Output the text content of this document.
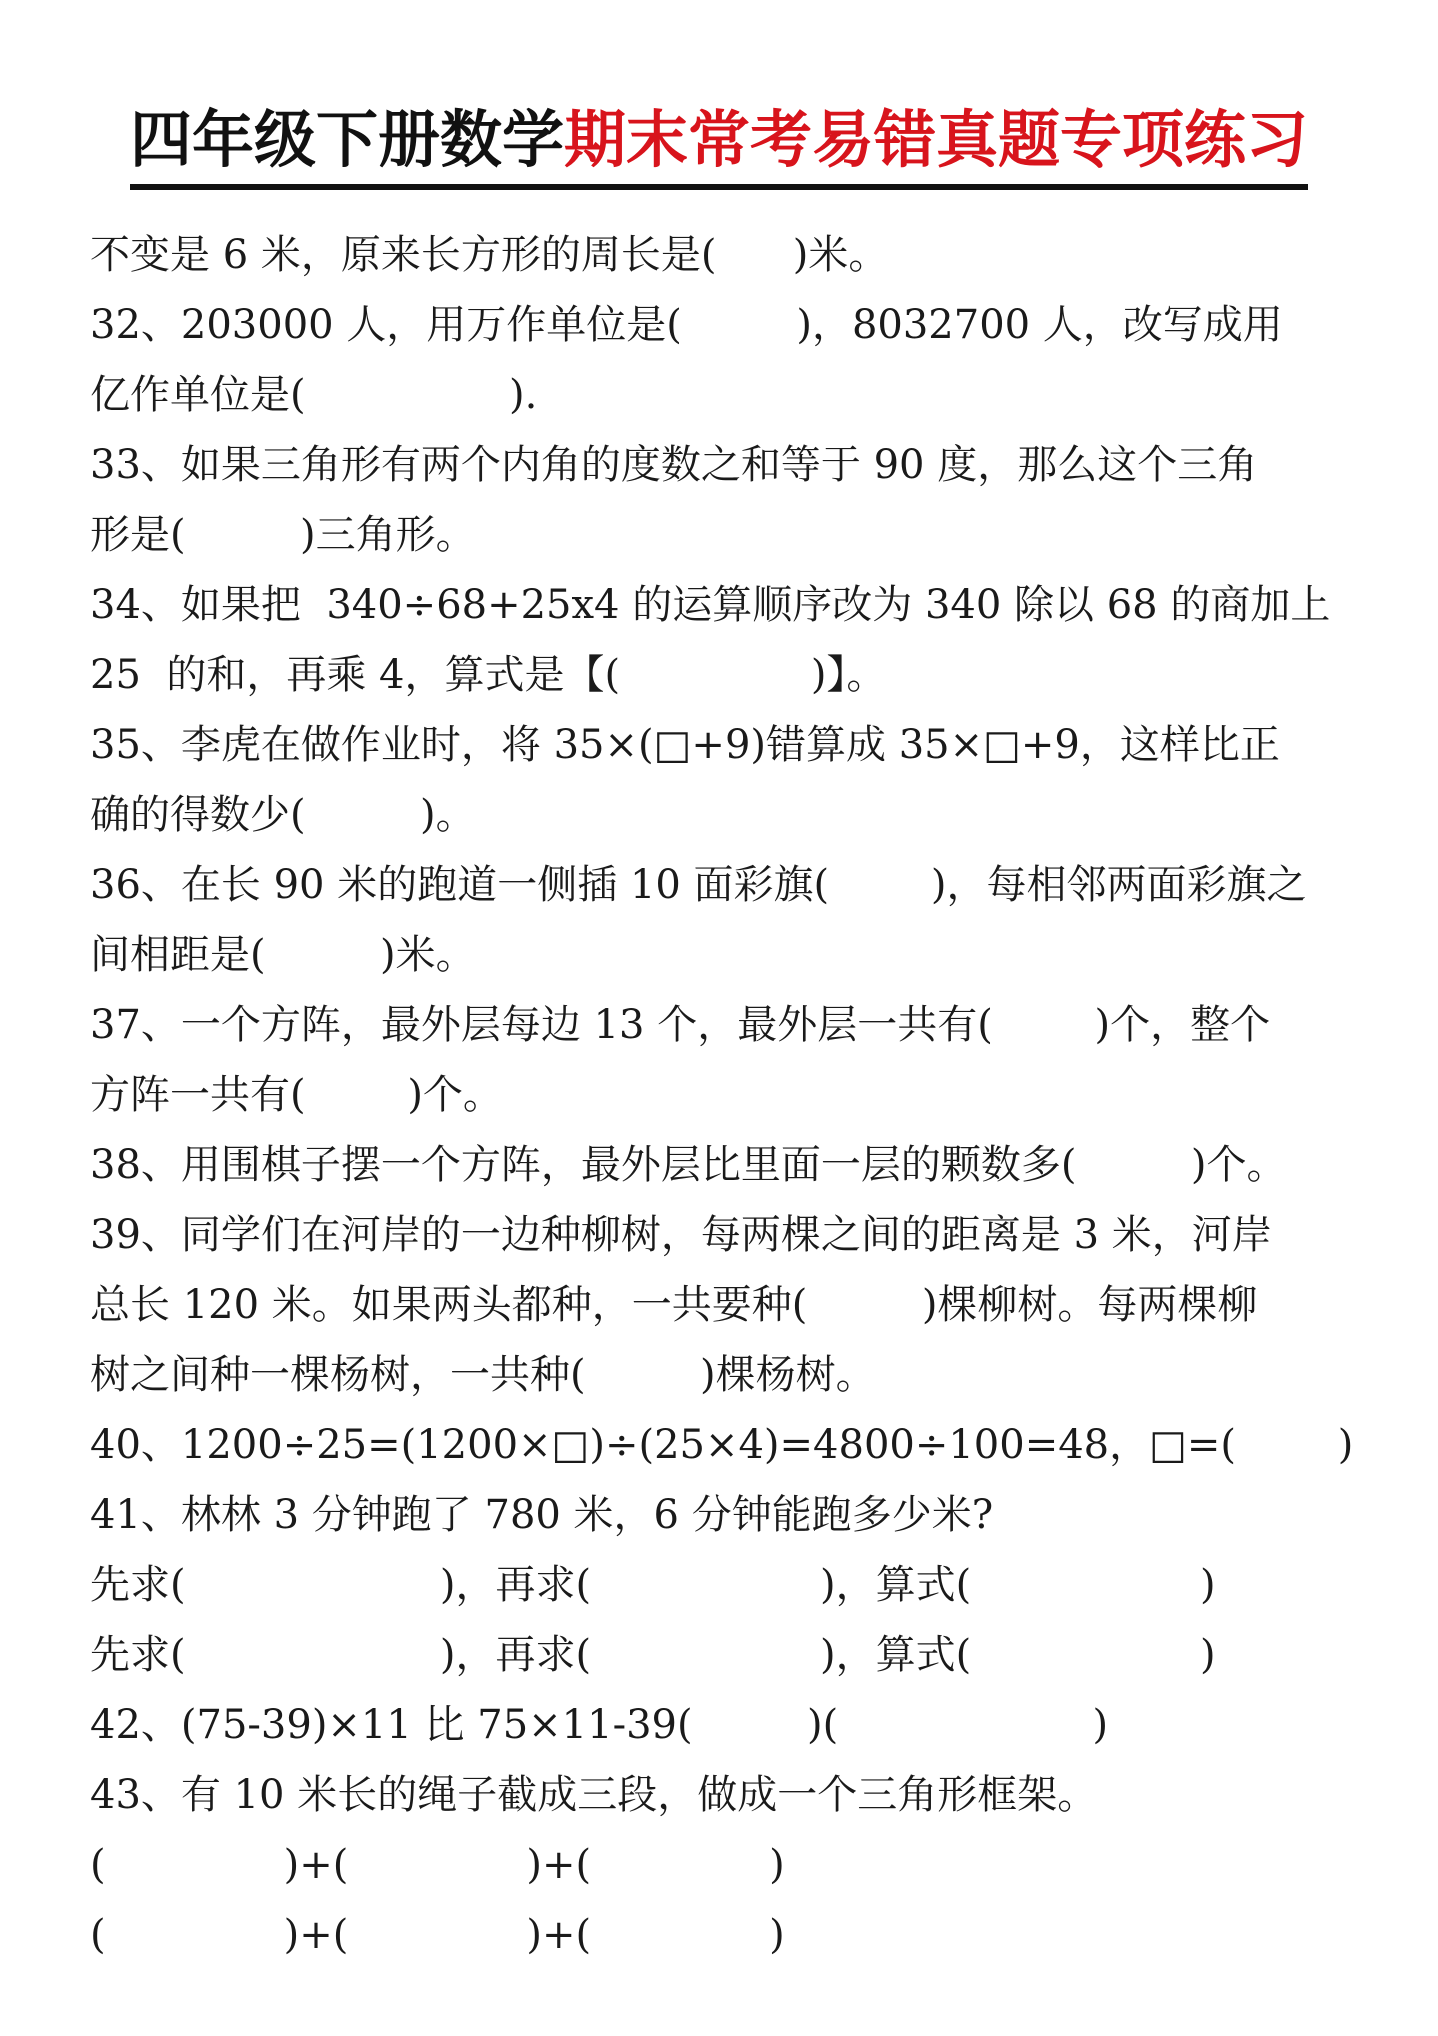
四年级下册数学期末常考易错真题专项练习
不变是 6 米，原来长方形的周长是(      )米。
32、203000 人，用万作单位是(         )，8032700 人，改写成用
亿作单位是(                ).
33、如果三角形有两个内角的度数之和等于 90 度，那么这个三角
形是(         )三角形。
34、如果把  340÷68+25x4 的运算顺序改为 340 除以 68 的商加上
25  的和，再乘 4，算式是【(               )】。
35、李虎在做作业时，将 35×(□+9)错算成 35×□+9，这样比正
确的得数少(         )。
36、在长 90 米的跑道一侧插 10 面彩旗(        )，每相邻两面彩旗之
间相距是(         )米。
37、一个方阵，最外层每边 13 个，最外层一共有(        )个，整个
方阵一共有(        )个。
38、用围棋子摆一个方阵，最外层比里面一层的颗数多(         )个。
39、同学们在河岸的一边种柳树，每两棵之间的距离是 3 米，河岸
总长 120 米。如果两头都种，一共要种(         )棵柳树。每两棵柳
树之间种一棵杨树，一共种(         )棵杨树。
40、1200÷25=(1200×□)÷(25×4)=4800÷100=48，□=(        )
41、林林 3 分钟跑了 780 米，6 分钟能跑多少米?
先求(                    )，再求(                  )，算式(                  )
先求(                    )，再求(                  )，算式(                  )
42、(75-39)×11 比 75×11-39(         )(                    )
43、有 10 米长的绳子截成三段，做成一个三角形框架。
(              )+(              )+(              )
(              )+(              )+(              )
